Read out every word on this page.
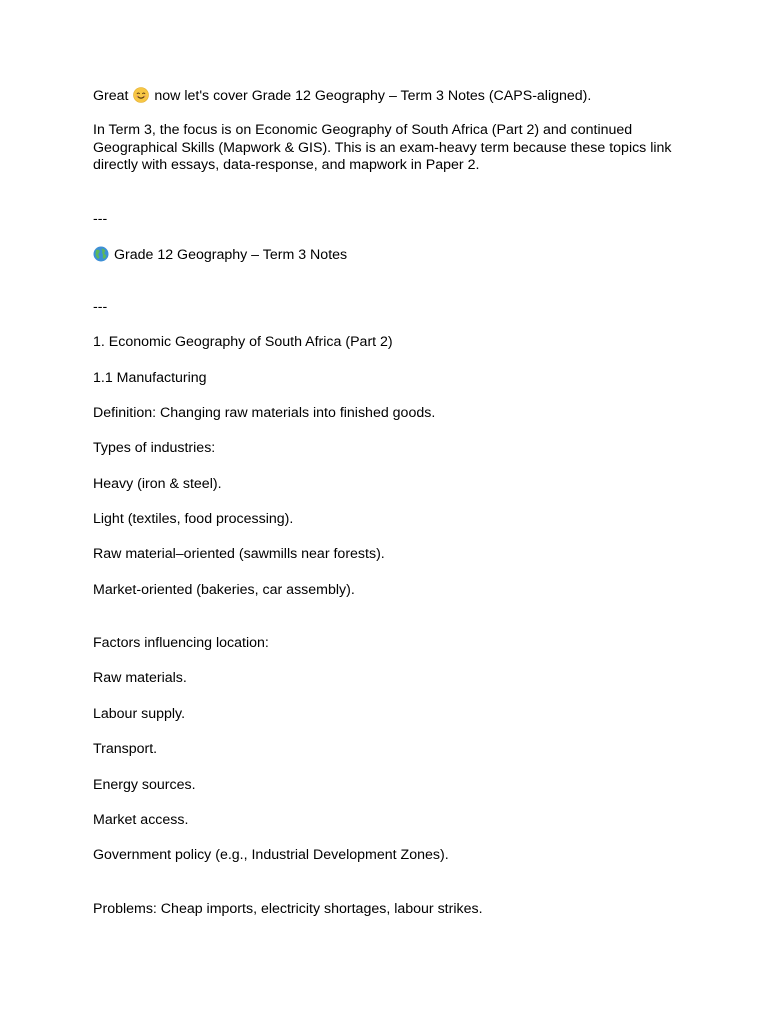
Great now let's cover Grade 12 Geography – Term 3 Notes (CAPS-aligned).
In Term 3, the focus is on Economic Geography of South Africa (Part 2) and continued Geographical Skills (Mapwork & GIS). This is an exam-heavy term because these topics link directly with essays, data-response, and mapwork in Paper 2.
---
Grade 12 Geography – Term 3 Notes
---
1. Economic Geography of South Africa (Part 2)
1.1 Manufacturing
Definition: Changing raw materials into finished goods.
Types of industries:
Heavy (iron & steel).
Light (textiles, food processing).
Raw material–oriented (sawmills near forests).
Market-oriented (bakeries, car assembly).
Factors influencing location:
Raw materials.
Labour supply.
Transport.
Energy sources.
Market access.
Government policy (e.g., Industrial Development Zones).
Problems: Cheap imports, electricity shortages, labour strikes.
